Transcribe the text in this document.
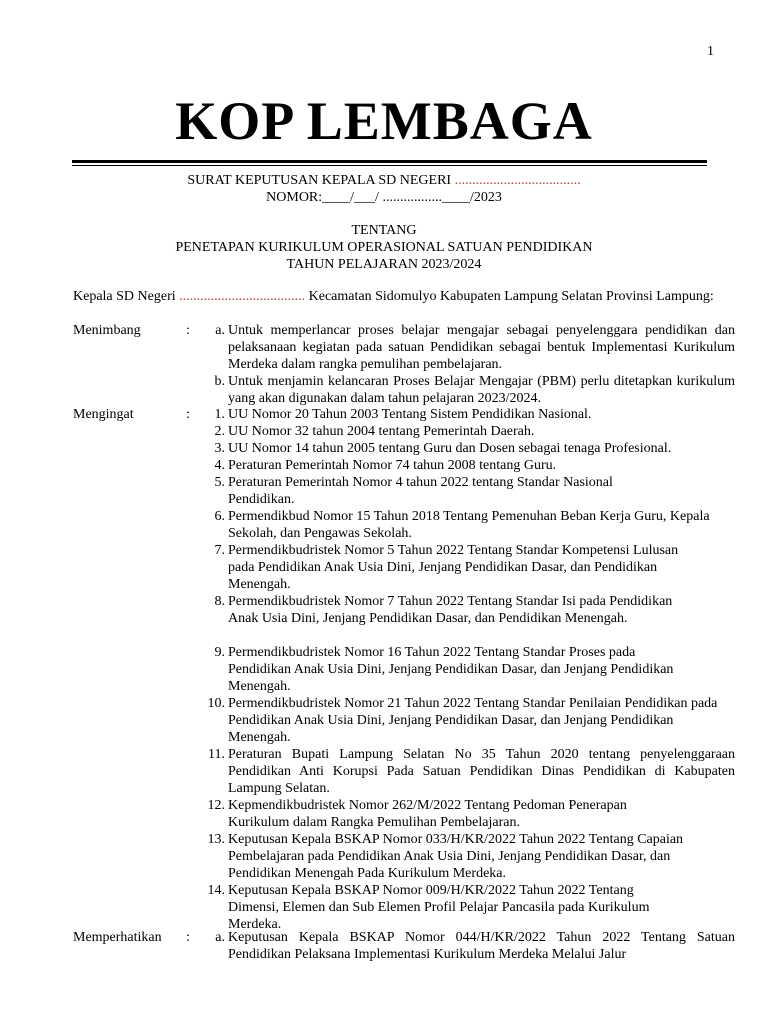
1
KOP LEMBAGA
SURAT KEPUTUSAN KEPALA SD NEGERI ....................................
NOMOR:____/___/ .................____/2023
TENTANG
PENETAPAN KURIKULUM OPERASIONAL SATUAN PENDIDIKAN
TAHUN PELAJARAN 2023/2024
Kepala SD Negeri .................................... Kecamatan Sidomulyo Kabupaten Lampung Selatan Provinsi Lampung:
Menimbang	:	a. Untuk memperlancar proses belajar mengajar sebagai penyelenggara pendidikan dan pelaksanaan kegiatan pada satuan Pendidikan sebagai bentuk Implementasi Kurikulum Merdeka dalam rangka pemulihan pembelajaran.
b. Untuk menjamin kelancaran Proses Belajar Mengajar (PBM) perlu ditetapkan kurikulum yang akan digunakan dalam tahun pelajaran 2023/2024.
Mengingat	:	1. UU Nomor 20 Tahun 2003 Tentang Sistem Pendidikan Nasional.
2. UU Nomor 32 tahun 2004 tentang Pemerintah Daerah.
3. UU Nomor 14 tahun 2005 tentang Guru dan Dosen sebagai tenaga Profesional.
4. Peraturan Pemerintah Nomor 74 tahun 2008 tentang Guru.
5. Peraturan Pemerintah Nomor 4 tahun 2022 tentang Standar Nasional Pendidikan.
6. Permendikbud Nomor 15 Tahun 2018 Tentang Pemenuhan Beban Kerja Guru, Kepala Sekolah, dan Pengawas Sekolah.
7. Permendikbudristek Nomor 5 Tahun 2022 Tentang Standar Kompetensi Lulusan pada Pendidikan Anak Usia Dini, Jenjang Pendidikan Dasar, dan Pendidikan Menengah.
8. Permendikbudristek Nomor 7 Tahun 2022 Tentang Standar Isi pada Pendidikan Anak Usia Dini, Jenjang Pendidikan Dasar, dan Pendidikan Menengah.
9. Permendikbudristek Nomor 16 Tahun 2022 Tentang Standar Proses pada Pendidikan Anak Usia Dini, Jenjang Pendidikan Dasar, dan Jenjang Pendidikan Menengah.
10. Permendikbudristek Nomor 21 Tahun 2022 Tentang Standar Penilaian Pendidikan pada Pendidikan Anak Usia Dini, Jenjang Pendidikan Dasar, dan Jenjang Pendidikan Menengah.
11. Peraturan Bupati Lampung Selatan No 35 Tahun 2020 tentang penyelenggaraan Pendidikan Anti Korupsi Pada Satuan Pendidikan Dinas Pendidikan di Kabupaten Lampung Selatan.
12. Kepmendikbudristek Nomor 262/M/2022 Tentang Pedoman Penerapan Kurikulum dalam Rangka Pemulihan Pembelajaran.
13. Keputusan Kepala BSKAP Nomor 033/H/KR/2022 Tahun 2022 Tentang Capaian Pembelajaran pada Pendidikan Anak Usia Dini, Jenjang Pendidikan Dasar, dan Pendidikan Menengah Pada Kurikulum Merdeka.
14. Keputusan Kepala BSKAP Nomor 009/H/KR/2022 Tahun 2022 Tentang Dimensi, Elemen dan Sub Elemen Profil Pelajar Pancasila pada Kurikulum Merdeka.
Memperhatikan :	a. Keputusan Kepala BSKAP Nomor 044/H/KR/2022 Tahun 2022 Tentang Satuan Pendidikan Pelaksana Implementasi Kurikulum Merdeka Melalui Jalur
